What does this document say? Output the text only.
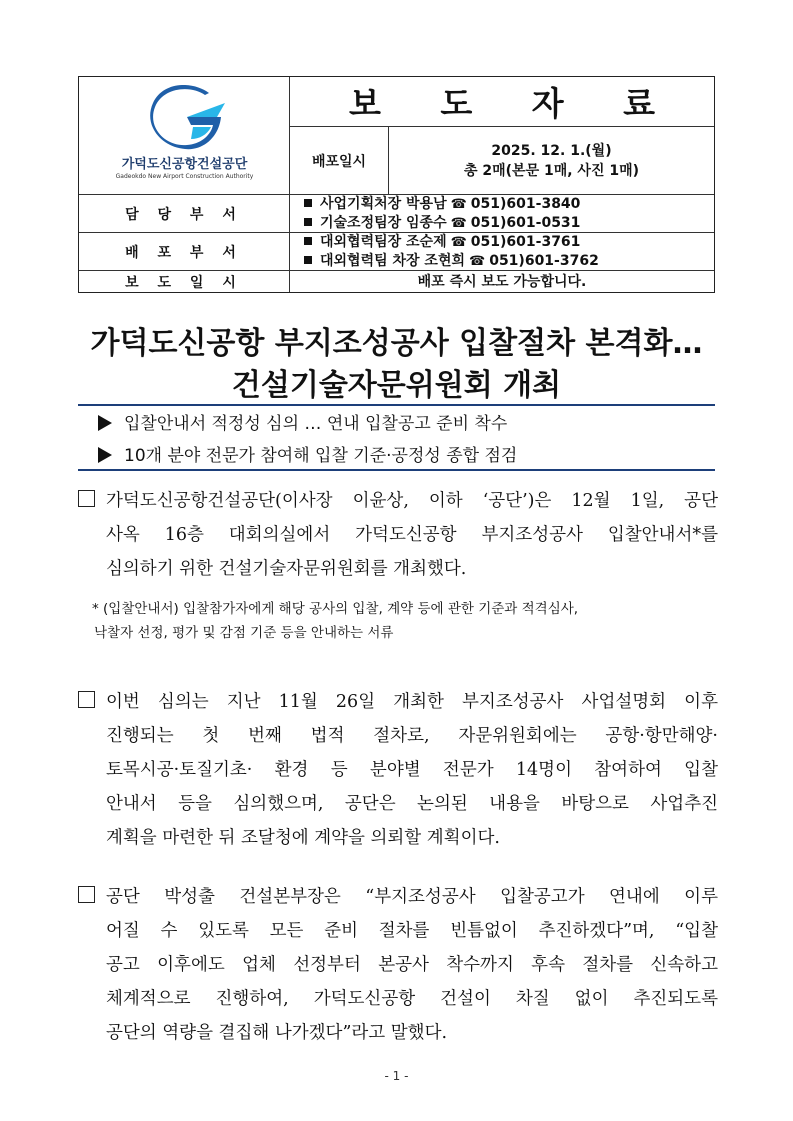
가덕도신공항건설공단
Gadeokdo New Airport Construction Authority
보 도 자 료
배포일시
2025. 12. 1.(월)
총 2매(본문 1매, 사진 1매)
담 당 부 서
사업기획처장 박용남 ☎ 051)601-3840
기술조정팀장 임종수 ☎ 051)601-0531
배 포 부 서
대외협력팀장 조순제 ☎ 051)601-3761
대외협력팀 차장 조현희 ☎ 051)601-3762
보 도 일 시	배포 즉시 보도 가능합니다.
가덕도신공항 부지조성공사 입찰절차 본격화…
건설기술자문위원회 개최
입찰안내서 적정성 심의 … 연내 입찰공고 준비 착수
10개 분야 전문가 참여해 입찰 기준·공정성 종합 점검
가덕도신공항건설공단(이사장 이윤상, 이하 ‘공단’)은 12월 1일, 공단
사옥 16층 대회의실에서 가덕도신공항 부지조성공사 입찰안내서*를
심의하기 위한 건설기술자문위원회를 개최했다.
* (입찰안내서) 입찰참가자에게 해당 공사의 입찰, 계약 등에 관한 기준과 적격심사,
낙찰자 선정, 평가 및 감점 기준 등을 안내하는 서류
이번 심의는 지난 11월 26일 개최한 부지조성공사 사업설명회 이후
진행되는 첫 번째 법적 절차로, 자문위원회에는 공항·항만해양·
토목시공·토질기초· 환경 등 분야별 전문가 14명이 참여하여 입찰
안내서 등을 심의했으며, 공단은 논의된 내용을 바탕으로 사업추진
계획을 마련한 뒤 조달청에 계약을 의뢰할 계획이다.
공단 박성출 건설본부장은 “부지조성공사 입찰공고가 연내에 이루
어질 수 있도록 모든 준비 절차를 빈틈없이 추진하겠다”며, “입찰
공고 이후에도 업체 선정부터 본공사 착수까지 후속 절차를 신속하고
체계적으로 진행하여, 가덕도신공항 건설이 차질 없이 추진되도록
공단의 역량을 결집해 나가겠다”라고 말했다.
- 1 -
